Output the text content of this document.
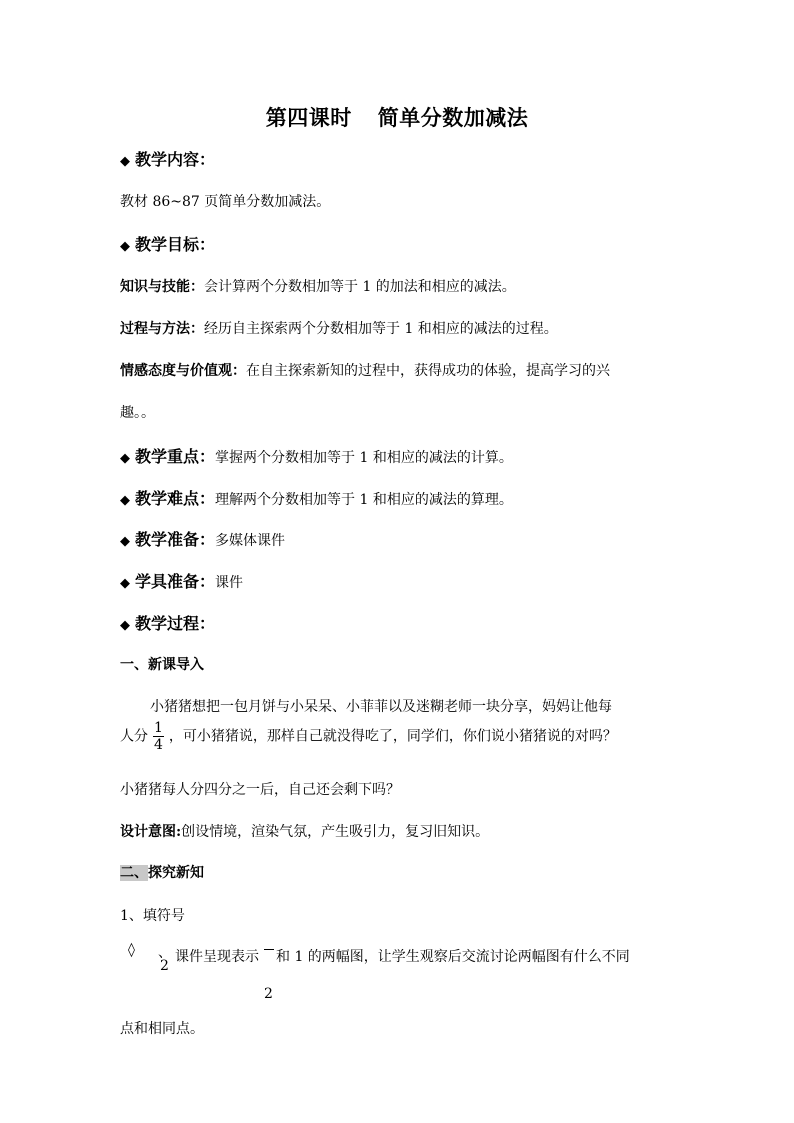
第四课时 简单分数加减法
◆ 教学内容：
教材 86~87 页简单分数加减法。
◆ 教学目标：
知识与技能：会计算两个分数相加等于 1 的加法和相应的减法。
过程与方法：经历自主探索两个分数相加等于 1 和相应的减法的过程。
情感态度与价值观：在自主探索新知的过程中，获得成功的体验，提高学习的兴
趣。。
◆ 教学重点：掌握两个分数相加等于 1 和相应的减法的计算。
◆ 教学难点：理解两个分数相加等于 1 和相应的减法的算理。
◆ 教学准备：多媒体课件
◆ 学具准备：课件
◆ 教学过程：
一、新课导入
小猪猪想把一包月饼与小呆呆、小菲菲以及迷糊老师一块分享，妈妈让他每
人分 $\frac{1}{4}$ ，可小猪猪说，那样自己就没得吃了，同学们，你们说小猪猪说的对吗？
小猪猪每人分四分之一后，自己还会剩下吗？
设计意图:创设情境，渲染气氛，产生吸引力，复习旧知识。
二、探究新知
1、填符号
◊ 、
2
课件呈现表示 和 1 的两幅图，让学生观察后交流讨论两幅图有什么不同
2
点和相同点。
